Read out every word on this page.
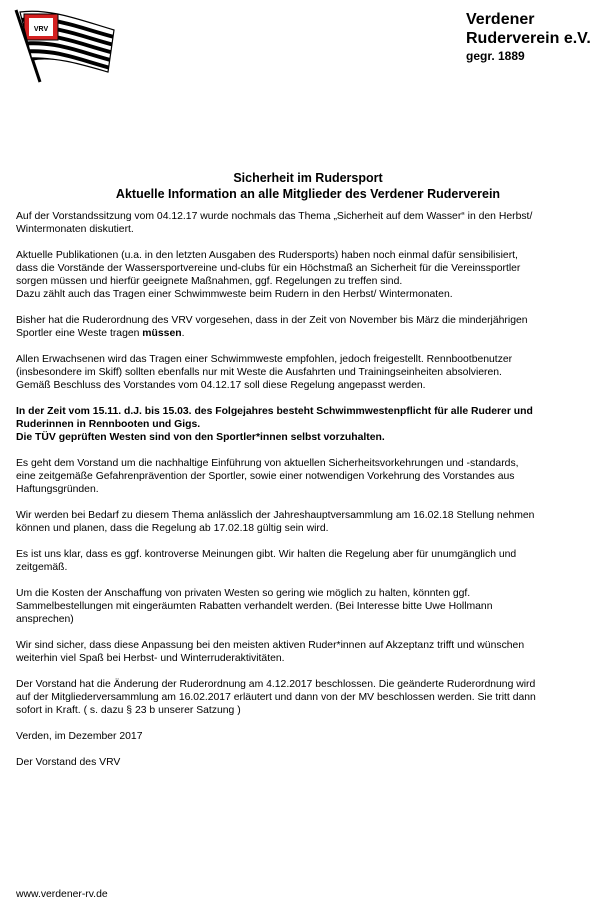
VRV
Verdener
Ruderverein e.V.
gegr. 1889
Sicherheit im Rudersport
Aktuelle Information an alle Mitglieder des Verdener Ruderverein
Auf der Vorstandssitzung vom 04.12.17 wurde nochmals das Thema „Sicherheit auf dem Wasser“ in den Herbst/
Wintermonaten diskutiert.
Aktuelle Publikationen (u.a. in den letzten Ausgaben des Rudersports) haben noch einmal dafür sensibilisiert,
dass die Vorstände der Wassersportvereine und-clubs für ein Höchstmaß an Sicherheit für die Vereinssportler
sorgen müssen und hierfür geeignete Maßnahmen, ggf. Regelungen zu treffen sind.
Dazu zählt auch das Tragen einer Schwimmweste beim Rudern in den Herbst/ Wintermonaten.
Bisher hat die Ruderordnung des VRV vorgesehen, dass in der Zeit von November bis März die minderjährigen
Sportler eine Weste tragen müssen.
Allen Erwachsenen wird das Tragen einer Schwimmweste empfohlen, jedoch freigestellt. Rennbootbenutzer
(insbesondere im Skiff) sollten ebenfalls nur mit Weste die Ausfahrten und Trainingseinheiten absolvieren.
Gemäß Beschluss des Vorstandes vom 04.12.17 soll diese Regelung angepasst werden.
In der Zeit vom 15.11. d.J. bis 15.03. des Folgejahres besteht Schwimmwestenpflicht für alle Ruderer und
Ruderinnen in Rennbooten und Gigs.
Die TÜV geprüften Westen sind von den Sportler*innen selbst vorzuhalten.
Es geht dem Vorstand um die nachhaltige Einführung von aktuellen Sicherheitsvorkehrungen und -standards,
eine zeitgemäße Gefahrenprävention der Sportler, sowie einer notwendigen Vorkehrung des Vorstandes aus
Haftungsgründen.
Wir werden bei Bedarf zu diesem Thema anlässlich der Jahreshauptversammlung am 16.02.18 Stellung nehmen
können und planen, dass die Regelung ab 17.02.18 gültig sein wird.
Es ist uns klar, dass es ggf. kontroverse Meinungen gibt. Wir halten die Regelung aber für unumgänglich und
zeitgemäß.
Um die Kosten der Anschaffung von privaten Westen so gering wie möglich zu halten, könnten ggf.
Sammelbestellungen mit eingeräumten Rabatten verhandelt werden. (Bei Interesse bitte Uwe Hollmann
ansprechen)
Wir sind sicher, dass diese Anpassung bei den meisten aktiven Ruder*innen auf Akzeptanz trifft und wünschen
weiterhin viel Spaß bei Herbst- und Winterruderaktivitäten.
Der Vorstand hat die Änderung der Ruderordnung am 4.12.2017 beschlossen. Die geänderte Ruderordnung wird
auf der Mitgliederversammlung am 16.02.2017 erläutert und dann von der MV beschlossen werden. Sie tritt dann
sofort in Kraft. ( s. dazu § 23 b unserer Satzung )
Verden, im Dezember 2017
Der Vorstand des VRV
www.verdener-rv.de
